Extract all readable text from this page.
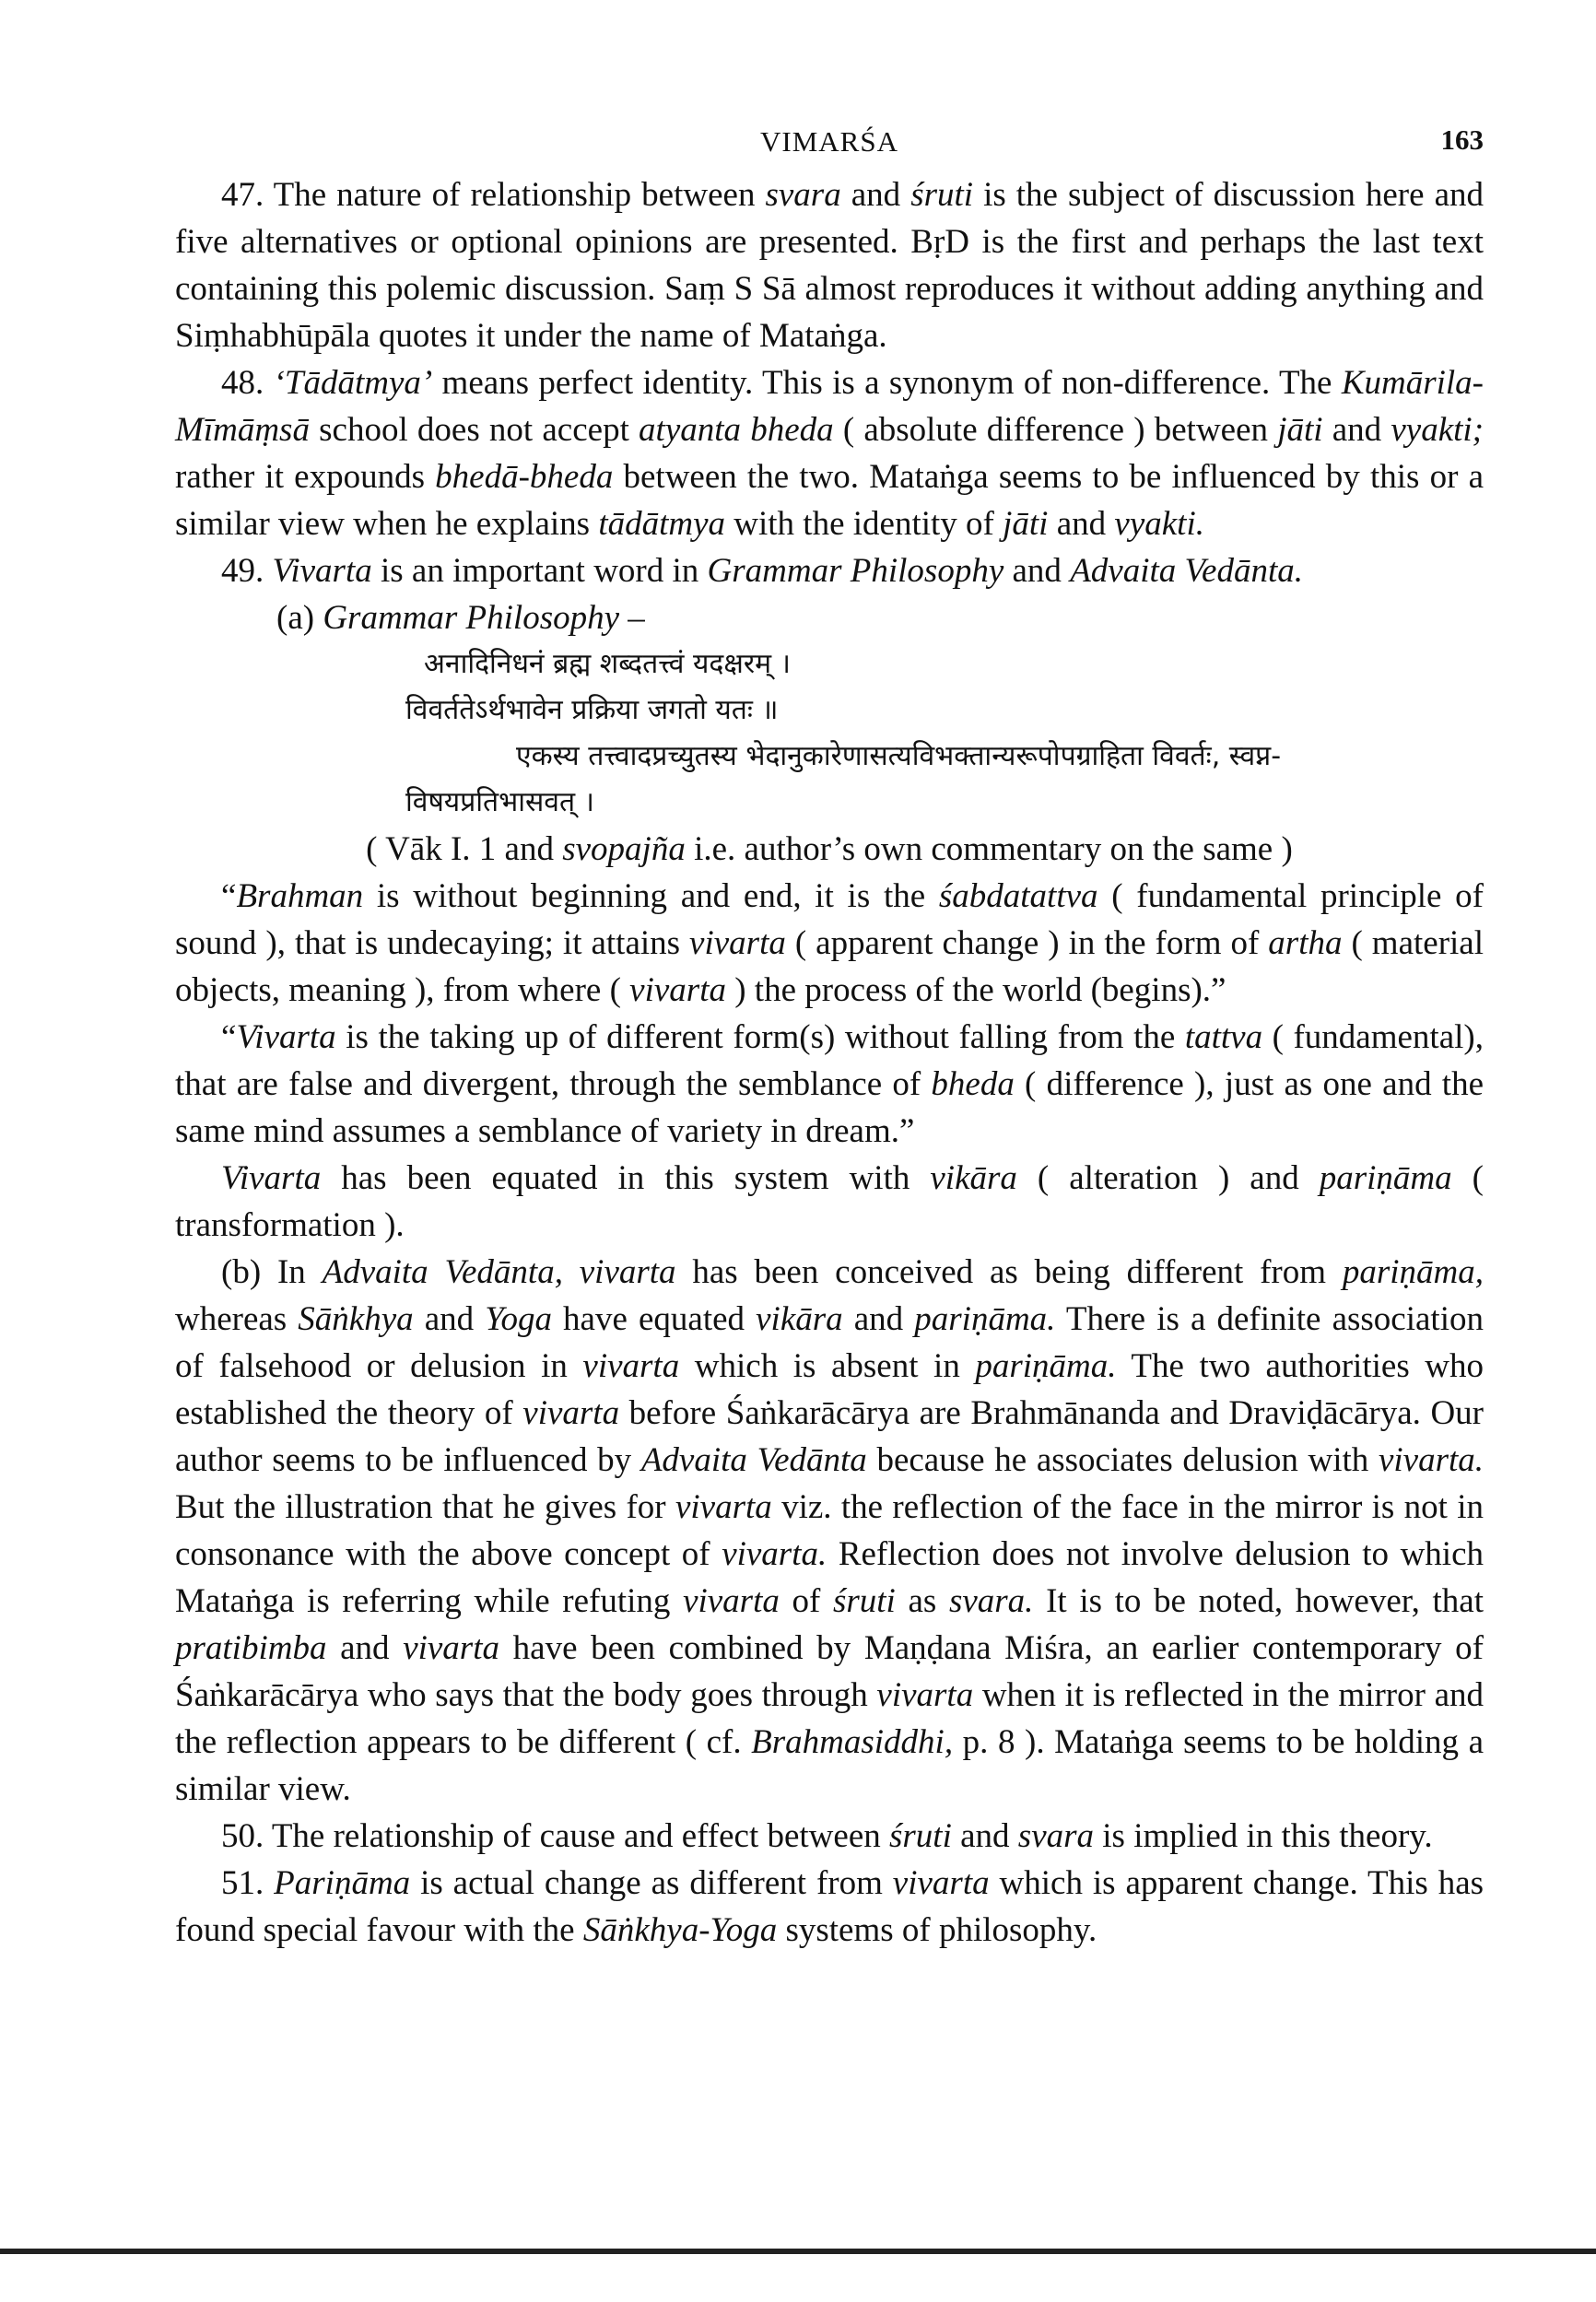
VIMARŚA	163

47. The nature of relationship between svara and śruti is the subject of discussion here and five alternatives or optional opinions are presented. BṛD is the first and perhaps the last text containing this polemic discussion. Saṃ S Sā almost reproduces it without adding anything and Siṃhabhūpāla quotes it under the name of Mataṅga.

48. ‘Tādātmya’ means perfect identity. This is a synonym of non-difference. The Kumārila-Mīmāṃsā school does not accept atyanta bheda ( absolute difference ) between jāti and vyakti; rather it expounds bhedā-bheda between the two. Mataṅga seems to be influenced by this or a similar view when he explains tādātmya with the identity of jāti and vyakti.

49. Vivarta is an important word in Grammar Philosophy and Advaita Vedānta.

(a) Grammar Philosophy –

अनादिनिधनं ब्रह्म शब्दतत्त्वं यदक्षरम् ।

विवर्ततेऽर्थभावेन प्रक्रिया जगतो यतः ॥

एकस्य तत्त्वादप्रच्युतस्य भेदानुकारेणासत्यविभक्तान्यरूपोपग्राहिता विवर्तः, स्वप्न-

विषयप्रतिभासवत् ।

( Vāk I. 1 and svopajña i.e. author’s own commentary on the same )

“Brahman is without beginning and end, it is the śabdatattva ( fundamental principle of sound ), that is undecaying; it attains vivarta ( apparent change ) in the form of artha ( material objects, meaning ), from where ( vivarta ) the process of the world (begins).”

“Vivarta is the taking up of different form(s) without falling from the tattva ( fundamental), that are false and divergent, through the semblance of bheda ( difference ), just as one and the same mind assumes a semblance of variety in dream.”

Vivarta has been equated in this system with vikāra ( alteration ) and pariṇāma ( transformation ).

(b) In Advaita Vedānta, vivarta has been conceived as being different from pariṇāma, whereas Sāṅkhya and Yoga have equated vikāra and pariṇāma. There is a definite association of falsehood or delusion in vivarta which is absent in pariṇāma. The two authorities who established the theory of vivarta before Śaṅkarācārya are Brahmānanda and Draviḍācārya. Our author seems to be influenced by Advaita Vedānta because he associates delusion with vivarta. But the illustration that he gives for vivarta viz. the reflection of the face in the mirror is not in consonance with the above concept of vivarta. Reflection does not involve delusion to which Mataṅga is referring while refuting vivarta of śruti as svara. It is to be noted, however, that pratibimba and vivarta have been combined by Maṇḍana Miśra, an earlier contemporary of Śaṅkarācārya who says that the body goes through vivarta when it is reflected in the mirror and the reflection appears to be different ( cf. Brahmasiddhi, p. 8 ). Mataṅga seems to be holding a similar view.

50. The relationship of cause and effect between śruti and svara is implied in this theory.

51. Pariṇāma is actual change as different from vivarta which is apparent change. This has found special favour with the Sāṅkhya-Yoga systems of philosophy.
